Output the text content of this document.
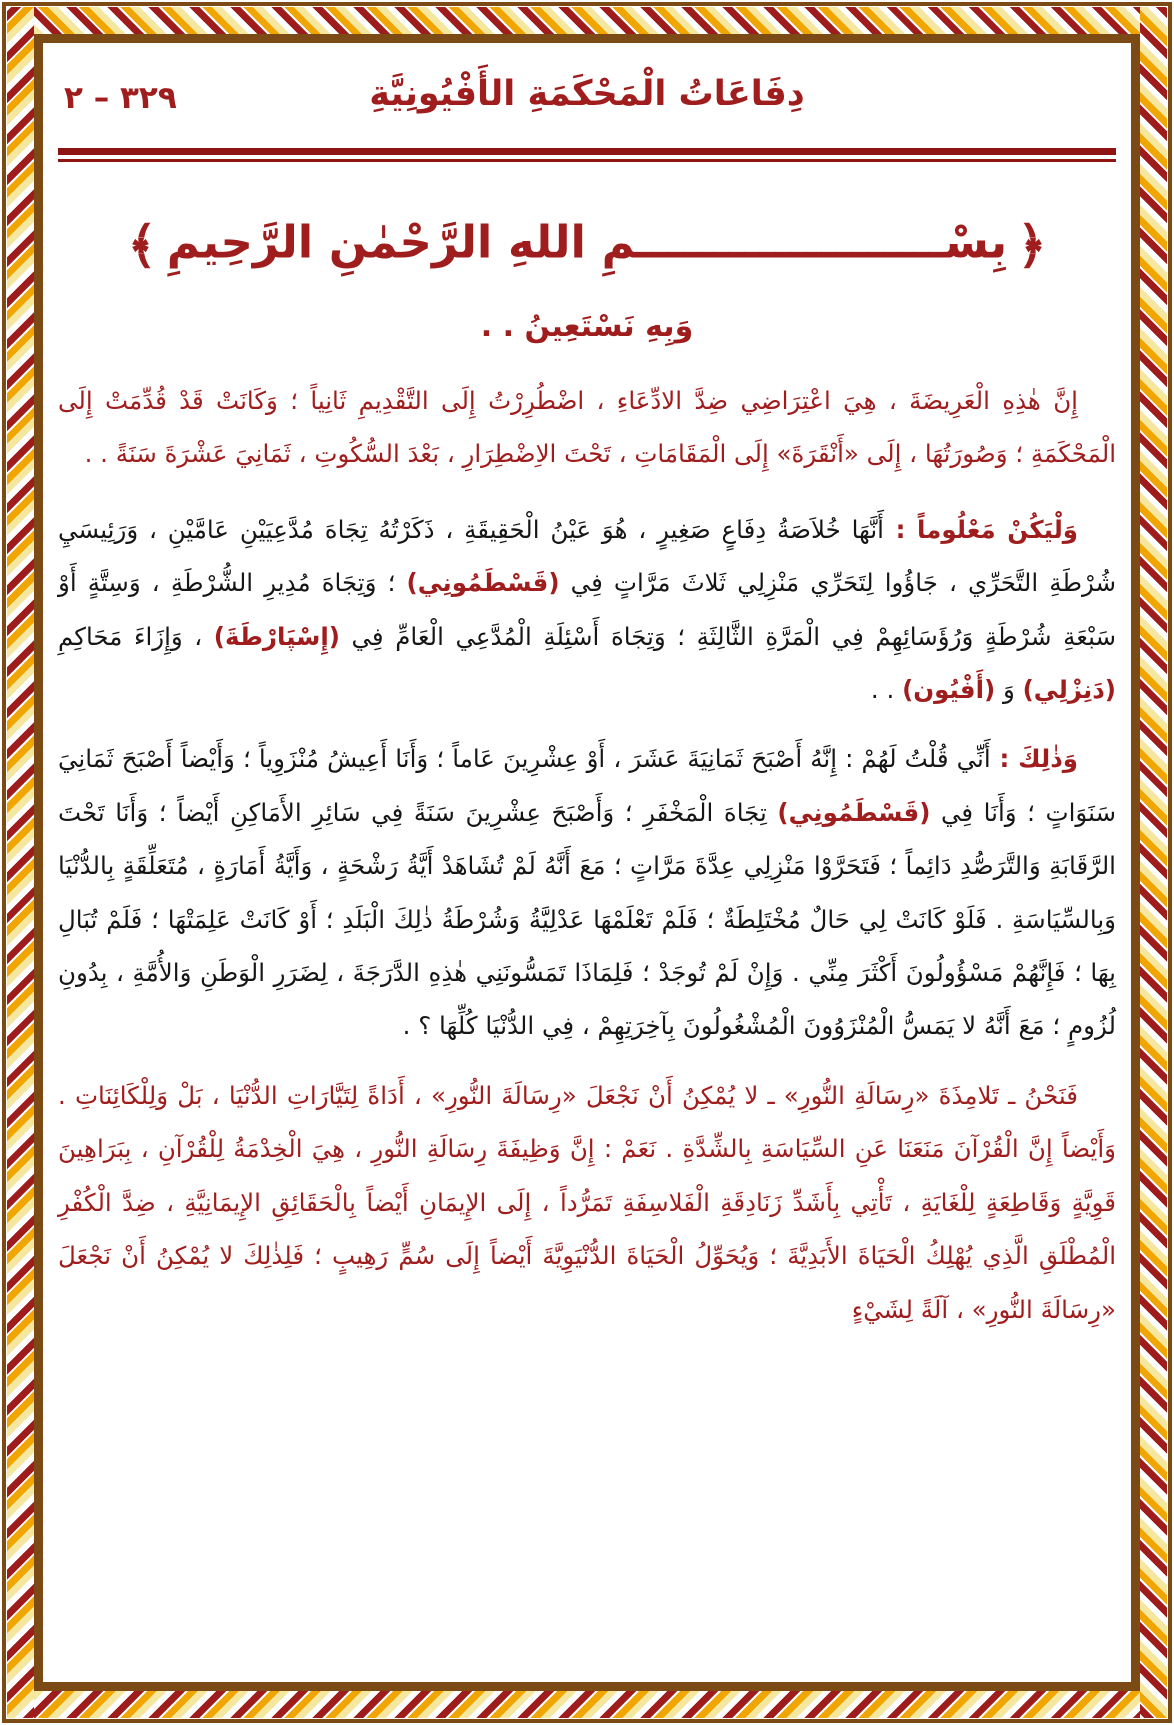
٣٢٩ – ٢	دِفَاعَاتُ الْمَحْكَمَةِ الأَفْيُونِيَّةِ
﴿بِسْــــــــــــــــــــمِ اللهِ الرَّحْمٰنِ الرَّحِيمِ﴾
وَبِهِ نَسْتَعِينُ . .

إِنَّ هٰذِهِ الْعَرِيضَةَ ، هِيَ اعْتِرَاضِي ضِدَّ الادِّعَاءِ ، اضْطُرِرْتُ إِلَى التَّقْدِيمِ ثَانِياً ؛ وَكَانَتْ قَدْ قُدِّمَتْ إِلَى الْمَحْكَمَةِ ؛ وَصُورَتُهَا ، إِلَى «أَنْقَرَةَ» إِلَى الْمَقَامَاتِ ، تَحْتَ الاِضْطِرَارِ ، بَعْدَ السُّكُوتِ ، ثَمَانِيَ عَشْرَةَ سَنَةً . .

وَلْيَكُنْ مَعْلُوماً : أَنَّهَا خُلاَصَةُ دِفَاعٍ صَغِيرٍ ، هُوَ عَيْنُ الْحَقِيقَةِ ، ذَكَرْتُهُ تِجَاهَ مُدَّعِيَيْنِ عَامَّيْنِ ، وَرَئِيسَيِ شُرْطَةِ التَّحَرِّي ، جَاؤُوا لِتَحَرِّي مَنْزِلِي ثَلاثَ مَرَّاتٍ فِي (قَسْطَمُونِي) ؛ وَتِجَاهَ مُدِيرِ الشُّرْطَةِ ، وَسِتَّةٍ أَوْ سَبْعَةِ شُرْطَةٍ وَرُؤَسَائِهِمْ فِي الْمَرَّةِ الثَّالِثَةِ ؛ وَتِجَاهَ أَسْئِلَةِ الْمُدَّعِي الْعَامِّ فِي (إِسْپَارْطَةَ) ، وَإِزَاءَ مَحَاكِمِ (دَنِزْلِي) وَ (أَفْيُون) . .

وَذٰلِكَ : أَنِّي قُلْتُ لَهُمْ : إِنَّهُ أَصْبَحَ ثَمَانِيَةَ عَشَرَ ، أَوْ عِشْرِينَ عَاماً ؛ وَأَنَا أَعِيشُ مُنْزَوِياً ؛ وَأَيْضاً أَصْبَحَ ثَمَانِيَ سَنَوَاتٍ ؛ وَأَنَا فِي (قَسْطَمُونِي) تِجَاهَ الْمَخْفَرِ ؛ وَأَصْبَحَ عِشْرِينَ سَنَةً فِي سَائِرِ الأَمَاكِنِ أَيْضاً ؛ وَأَنَا تَحْتَ الرَّقَابَةِ وَالتَّرَصُّدِ دَائِماً ؛ فَتَحَرَّوْا مَنْزِلِي عِدَّةَ مَرَّاتٍ ؛ مَعَ أَنَّهُ لَمْ تُشَاهَدْ أَيَّةُ رَشْحَةٍ ، وَأَيَّةُ أَمَارَةٍ ، مُتَعَلِّقَةٍ بِالدُّنْيَا وَبِالسِّيَاسَةِ . فَلَوْ كَانَتْ لِي حَالٌ مُخْتَلِطَةٌ ؛ فَلَمْ تَعْلَمْهَا عَدْلِيَّةُ وَشُرْطَةُ ذٰلِكَ الْبَلَدِ ؛ أَوْ كَانَتْ عَلِمَتْهَا ؛ فَلَمْ تُبَالِ بِهَا ؛ فَإِنَّهُمْ مَسْؤُولُونَ أَكْثَرَ مِنِّي . وَإِنْ لَمْ تُوجَدْ ؛ فَلِمَاذَا تَمَسُّونَنِي هٰذِهِ الدَّرَجَةَ ، لِضَرَرِ الْوَطَنِ وَالأُمَّةِ ، بِدُونِ لُزُومٍ ؛ مَعَ أَنَّهُ لا يَمَسُّ الْمُنْزَوُونَ الْمُشْغُولُونَ بِآخِرَتِهِمْ ، فِي الدُّنْيَا كُلِّهَا ؟ .

فَنَحْنُ ـ تَلامِذَةَ «رِسَالَةِ النُّورِ» ـ لا يُمْكِنُ أَنْ نَجْعَلَ «رِسَالَةَ النُّورِ» ، أَدَاةً لِتَيَّارَاتِ الدُّنْيَا ، بَلْ وَلِلْكَائِنَاتِ . وَأَيْضاً إِنَّ الْقُرْآنَ مَنَعَنَا عَنِ السِّيَاسَةِ بِالشِّدَّةِ . نَعَمْ : إِنَّ وَظِيفَةَ رِسَالَةِ النُّورِ ، هِيَ الْخِدْمَةُ لِلْقُرْآنِ ، بِبَرَاهِينَ قَوِيَّةٍ وَقَاطِعَةٍ لِلْغَايَةِ ، تَأْتِي بِأَشَدِّ زَنَادِقَةِ الْفَلاسِفَةِ تَمَرُّداً ، إِلَى الإِيمَانِ أَيْضاً بِالْحَقَائِقِ الإِيمَانِيَّةِ ، ضِدَّ الْكُفْرِ الْمُطْلَقِ الَّذِي يُهْلِكُ الْحَيَاةَ الأَبَدِيَّةَ ؛ وَيُحَوِّلُ الْحَيَاةَ الدُّنْيَوِيَّةَ أَيْضاً إِلَى سُمٍّ رَهِيبٍ ؛ فَلِذٰلِكَ لا يُمْكِنُ أَنْ نَجْعَلَ «رِسَالَةَ النُّورِ» ، آلَةً لِشَيْءٍ
